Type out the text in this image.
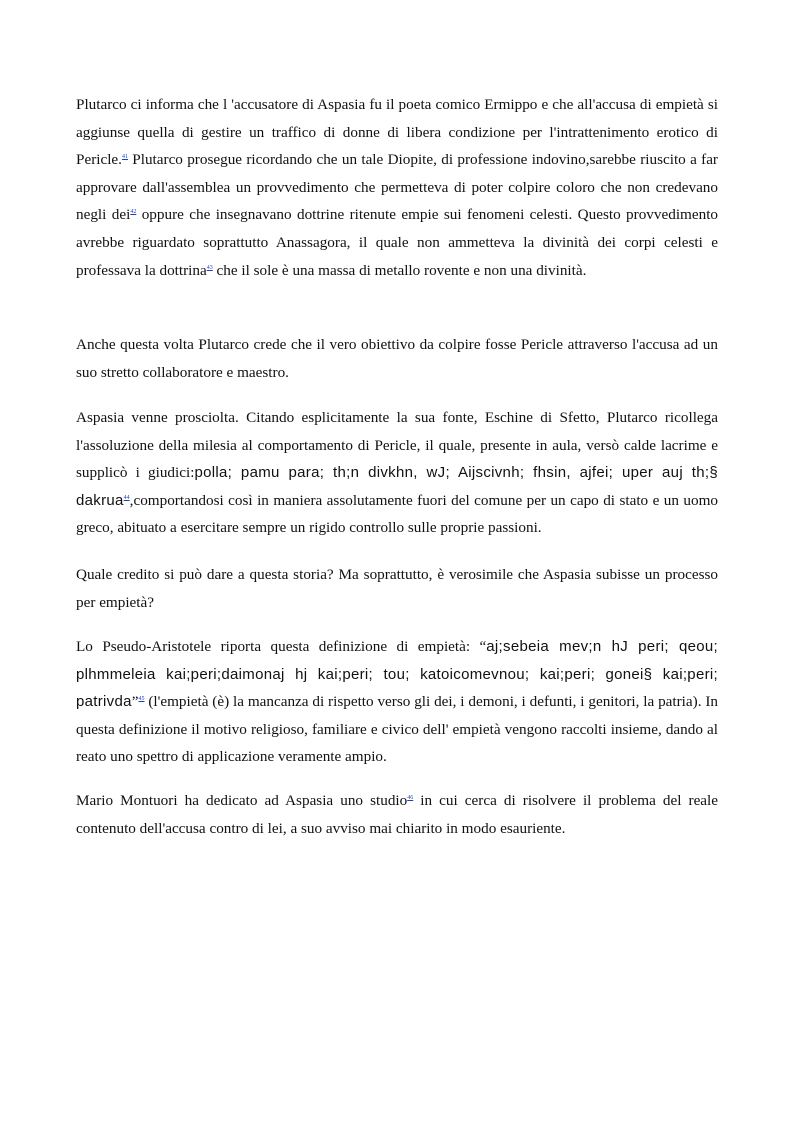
Plutarco ci informa che l 'accusatore di Aspasia fu il poeta comico Ermippo e che all'accusa di empietà si aggiunse quella di gestire un traffico di donne di libera condizione per l'intrattenimento erotico di Pericle.$^{41}$ Plutarco prosegue ricordando che un tale Diopite, di professione indovino,sarebbe riuscito a far approvare dall'assemblea un provvedimento che permetteva di poter colpire coloro che non credevano negli dei$^{42}$ oppure che insegnavano dottrine ritenute empie sui fenomeni celesti. Questo provvedimento avrebbe riguardato soprattutto Anassagora, il quale non ammetteva la divinità dei corpi celesti e professava la dottrina$^{43}$ che il sole è una massa di metallo rovente e non una divinità.

Anche questa volta Plutarco crede che il vero obiettivo da colpire fosse Pericle attraverso l'accusa ad un suo stretto collaboratore e maestro.

Aspasia venne prosciolta. Citando esplicitamente la sua fonte, Eschine di Sfetto, Plutarco ricollega l'assoluzione della milesia al comportamento di Pericle, il quale, presente in aula, versò calde lacrime e supplicò i giudici:polla; pamu para; th;n divkhn, wJ; Aijscivnh; fhsin, ajfei; uper auj th;§ dakrua$^{44}$,comportandosi così in maniera assolutamente fuori del comune per un capo di stato e un uomo greco, abituato a esercitare sempre un rigido controllo sulle proprie passioni.

Quale credito si può dare a questa storia? Ma soprattutto, è verosimile che Aspasia subisse un processo per empietà?

Lo Pseudo-Aristotele riporta questa definizione di empietà: “aj;sebeia mev;n hJ peri; qeou; plhmmeleia kai;peri;daimonaj hj kai;peri; tou; katoicomevnou; kai;peri; gonei§ kai;peri; patrivda”$^{45}$ (l'empietà (è) la mancanza di rispetto verso gli dei, i demoni, i defunti, i genitori, la patria). In questa definizione il motivo religioso, familiare e civico dell' empietà vengono raccolti insieme, dando al reato uno spettro di applicazione veramente ampio.

Mario Montuori ha dedicato ad Aspasia uno studio$^{46}$ in cui cerca di risolvere il problema del reale contenuto dell'accusa contro di lei, a suo avviso mai chiarito in modo esauriente.
